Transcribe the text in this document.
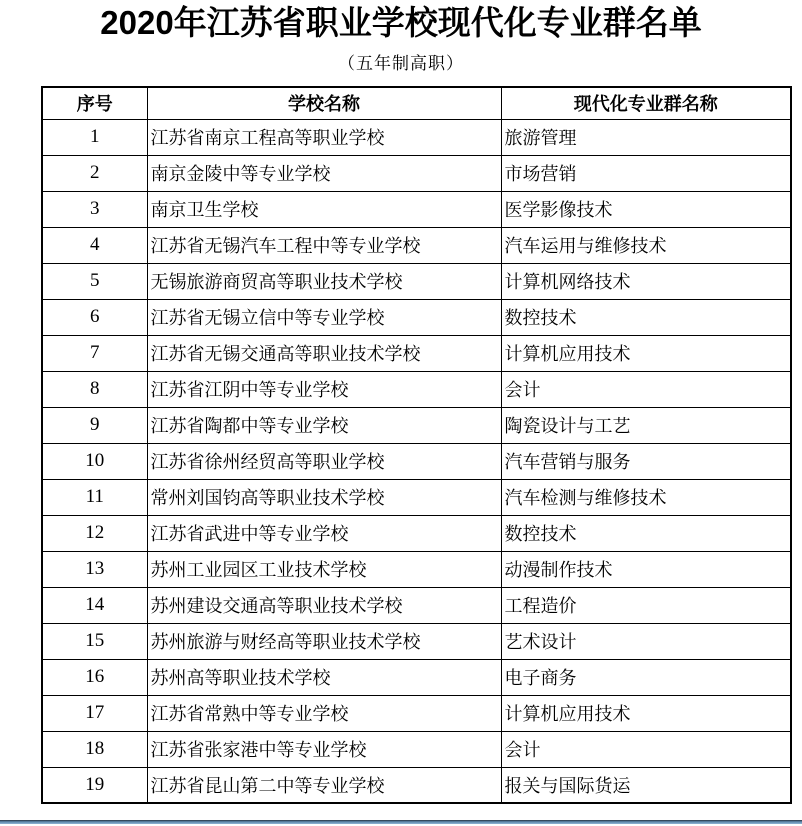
2020年江苏省职业学校现代化专业群名单
（五年制高职）
序号	学校名称	现代化专业群名称
1	江苏省南京工程高等职业学校	旅游管理
2	南京金陵中等专业学校	市场营销
3	南京卫生学校	医学影像技术
4	江苏省无锡汽车工程中等专业学校	汽车运用与维修技术
5	无锡旅游商贸高等职业技术学校	计算机网络技术
6	江苏省无锡立信中等专业学校	数控技术
7	江苏省无锡交通高等职业技术学校	计算机应用技术
8	江苏省江阴中等专业学校	会计
9	江苏省陶都中等专业学校	陶瓷设计与工艺
10	江苏省徐州经贸高等职业学校	汽车营销与服务
11	常州刘国钧高等职业技术学校	汽车检测与维修技术
12	江苏省武进中等专业学校	数控技术
13	苏州工业园区工业技术学校	动漫制作技术
14	苏州建设交通高等职业技术学校	工程造价
15	苏州旅游与财经高等职业技术学校	艺术设计
16	苏州高等职业技术学校	电子商务
17	江苏省常熟中等专业学校	计算机应用技术
18	江苏省张家港中等专业学校	会计
19	江苏省昆山第二中等专业学校	报关与国际货运
